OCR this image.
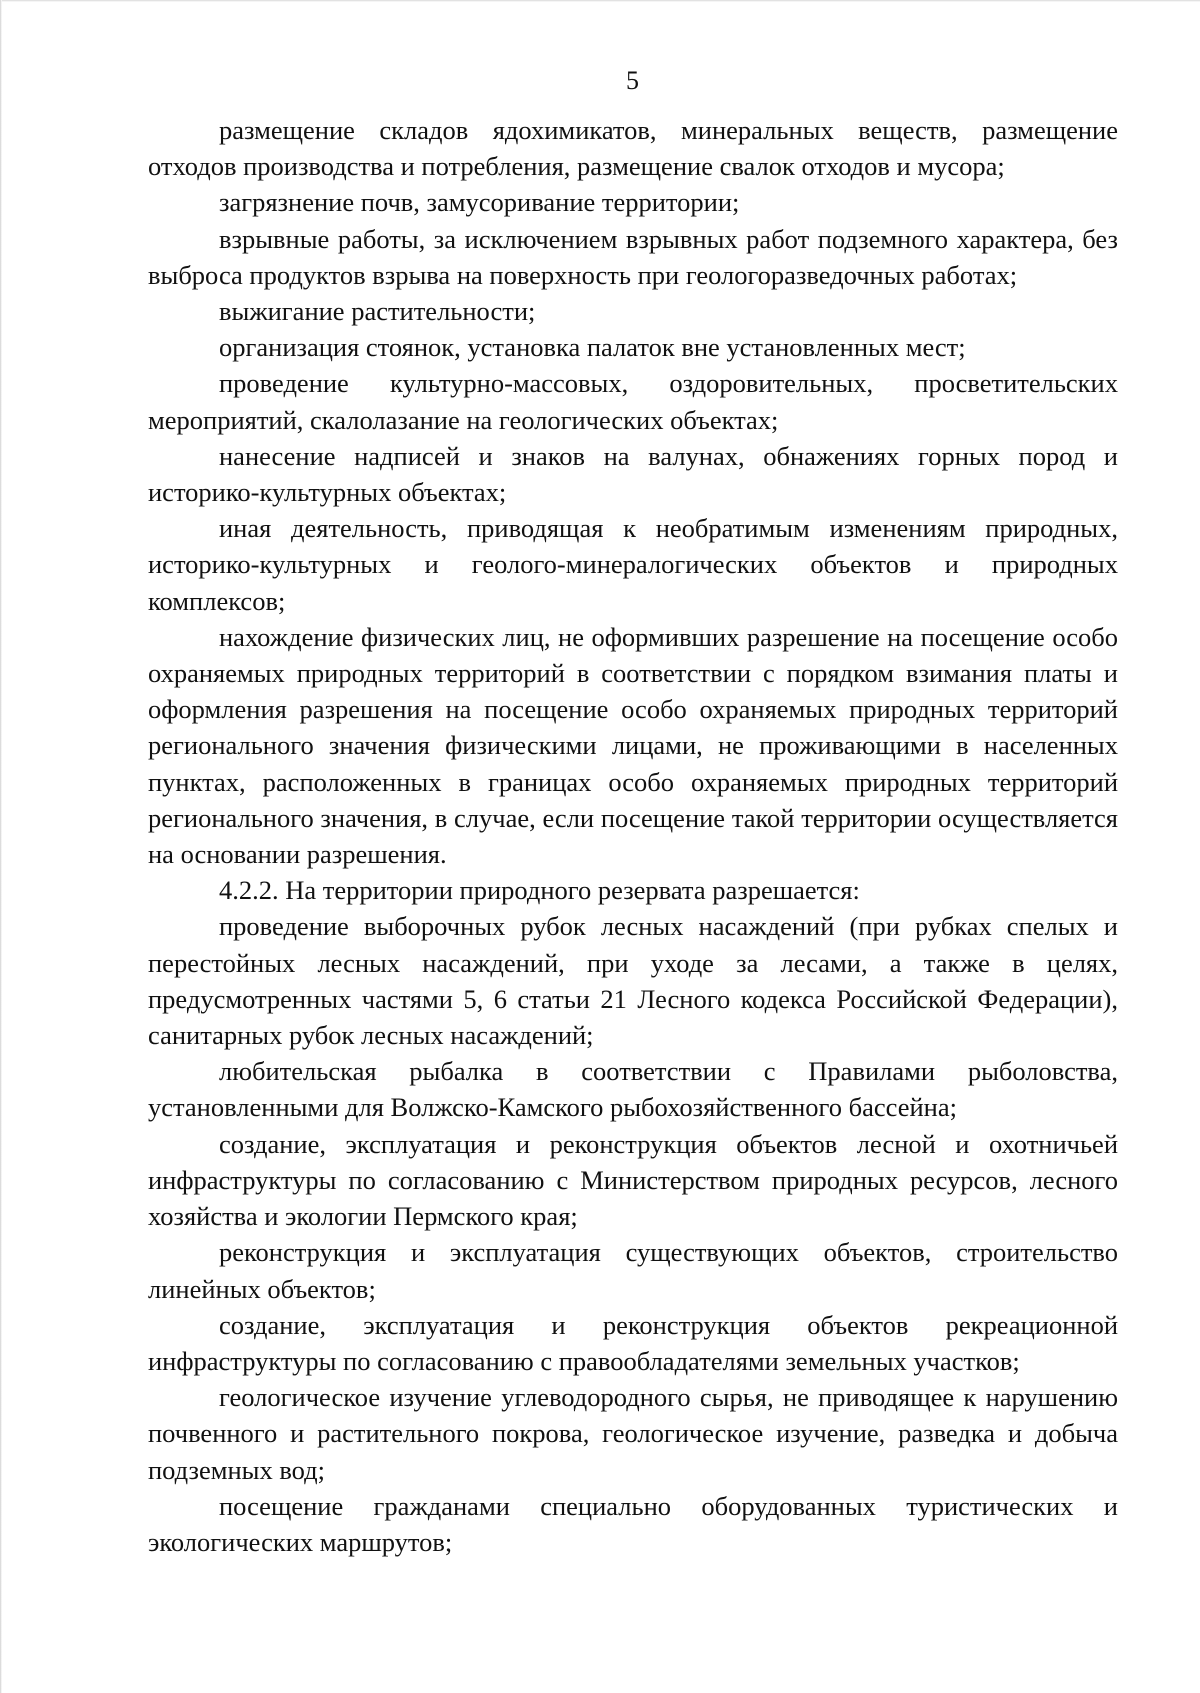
5

размещение складов ядохимикатов, минеральных веществ, размещение отходов производства и потребления, размещение свалок отходов и мусора;

загрязнение почв, замусоривание территории;

взрывные работы, за исключением взрывных работ подземного характера, без выброса продуктов взрыва на поверхность при геологоразведочных работах;

выжигание растительности;

организация стоянок, установка палаток вне установленных мест;

проведение культурно-массовых, оздоровительных, просветительских мероприятий, скалолазание на геологических объектах;

нанесение надписей и знаков на валунах, обнажениях горных пород и историко-культурных объектах;

иная деятельность, приводящая к необратимым изменениям природных, историко-культурных и геолого-минералогических объектов и природных комплексов;

нахождение физических лиц, не оформивших разрешение на посещение особо охраняемых природных территорий в соответствии с порядком взимания платы и оформления разрешения на посещение особо охраняемых природных территорий регионального значения физическими лицами, не проживающими в населенных пунктах, расположенных в границах особо охраняемых природных территорий регионального значения, в случае, если посещение такой территории осуществляется на основании разрешения.

4.2.2. На территории природного резервата разрешается:

проведение выборочных рубок лесных насаждений (при рубках спелых и перестойных лесных насаждений, при уходе за лесами, а также в целях, предусмотренных частями 5, 6 статьи 21 Лесного кодекса Российской Федерации), санитарных рубок лесных насаждений;

любительская рыбалка в соответствии с Правилами рыболовства, установленными для Волжско-Камского рыбохозяйственного бассейна;

создание, эксплуатация и реконструкция объектов лесной и охотничьей инфраструктуры по согласованию с Министерством природных ресурсов, лесного хозяйства и экологии Пермского края;

реконструкция и эксплуатация существующих объектов, строительство линейных объектов;

создание, эксплуатация и реконструкция объектов рекреационной инфраструктуры по согласованию с правообладателями земельных участков;

геологическое изучение углеводородного сырья, не приводящее к нарушению почвенного и растительного покрова, геологическое изучение, разведка и добыча подземных вод;

посещение гражданами специально оборудованных туристических и экологических маршрутов;
